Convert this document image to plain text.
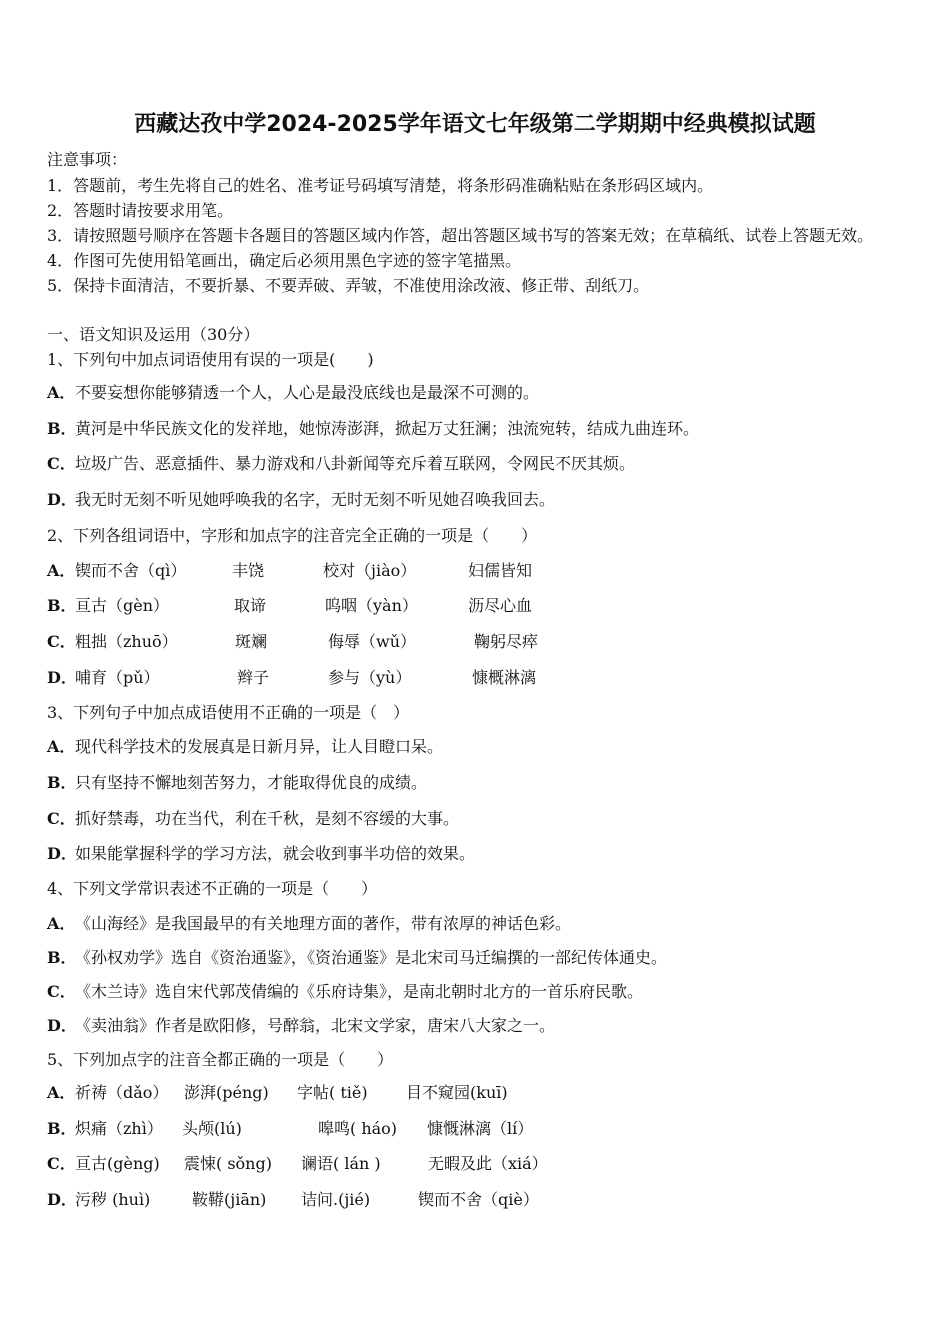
西藏达孜中学2024-2025学年语文七年级第二学期期中经典模拟试题
注意事项：
1．答题前，考生先将自己的姓名、准考证号码填写清楚，将条形码准确粘贴在条形码区域内。
2．答题时请按要求用笔。
3．请按照题号顺序在答题卡各题目的答题区域内作答，超出答题区域书写的答案无效；在草稿纸、试卷上答题无效。
4．作图可先使用铅笔画出，确定后必须用黑色字迹的签字笔描黑。
5．保持卡面清洁，不要折暴、不要弄破、弄皱，不准使用涂改液、修正带、刮纸刀。
一、语文知识及运用（30分）
1、下列句中加点词语使用有误的一项是(　　)
A． 不要妄想你能够猜透一个人，人心是最没底线也是最深不可测的。
B．
黄河是中华民族文化的发祥地，她惊涛澎湃，掀起万丈狂澜；浊流宛转，结成九曲连环。
C． 垃圾广告、恶意插件、暴力游戏和八卦新闻等充斥着互联网，令网民不厌其烦。
D．
我无时无刻不听见她呼唤我的名字，无时无刻不听见她召唤我回去。
2、下列各组词语中，字形和加点字的注音完全正确的一项是（　　）
A． 锲而不舍（qì）	丰饶	校对（jiào）	妇儒皆知
B．
亘古（gèn）	取谛	呜咽（yàn）	沥尽心血
C． 粗拙（zhuō）	斑斓	侮辱（wǔ）	鞠躬尽瘁
D．
哺育（pǔ）	辫子	参与（yù）	慷概淋漓
3、下列句子中加点成语使用不正确的一项是（　）
A． 现代科学技术的发展真是日新月异，让人目瞪口呆。
B．
只有坚持不懈地刻苦努力，才能取得优良的成绩。
C． 抓好禁毒，功在当代，利在千秋，是刻不容缓的大事。
D．
如果能掌握科学的学习方法，就会收到事半功倍的效果。
4、下列文学常识表述不正确的一项是（　　）
A． 《山海经》是我国最早的有关地理方面的著作，带有浓厚的神话色彩。
B．
《孙权劝学》选自《资治通鉴》，《资治通鉴》是北宋司马迁编撰的一部纪传体通史。
C． 《木兰诗》选自宋代郭茂倩编的《乐府诗集》，是南北朝时北方的一首乐府民歌。
D．
《卖油翁》作者是欧阳修，号醉翁，北宋文学家，唐宋八大家之一。
5、下列加点字的注音全都正确的一项是（　　）
A． 祈祷（dǎo） 澎湃(péng) 字帖( tiě) 目不窥园(kuī)
B．
炽痛（zhì） 头颅(lú)	嗥鸣( háo) 慷慨淋漓（lí）
C． 亘古(gèng) 震悚( sǒng) 谰语( lán )	无暇及此（xiá）
D．
污秽 (huì)	鞍鞯(jiān) 诘问.(jié)	锲而不舍（qiè）
